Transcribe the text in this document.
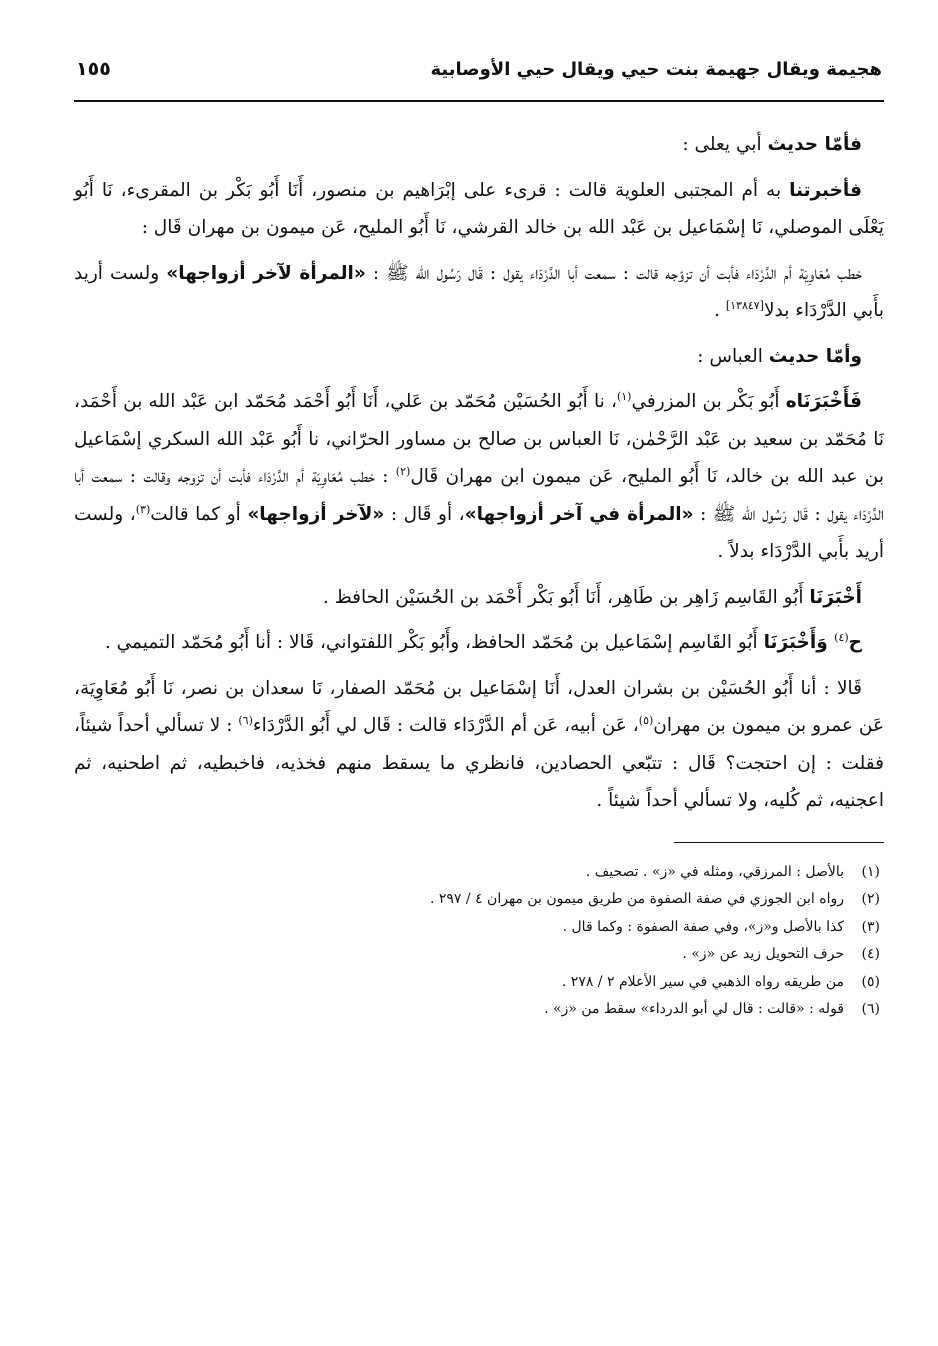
هجيمة ويقال جهيمة بنت حيي ويقال حيي الأوصابية
١٥٥

فأمّا حديث أبي يعلى :

فأخبرتنا به أم المجتبى العلوية قالت : قرىء على إبْرَاهيم بن منصور، أَنَا أَبُو بَكْر بن المقرىء، نَا أَبُو يَعْلَى الموصلي، نَا إسْمَاعيل بن عَبْد الله بن خالد القرشي، نَا أَبُو المليح، عَن ميمون بن مهران قَال :

خطب مُعَاوِيَة أم الدَّرْدَاء فأبت أن تزوّجه قالت : سمعت أبا الدَّرْدَاء يقول : قَال رَسُول الله ﷺ : «المرأة لآخر أزواجها» ولست أريد بأَبي الدَّرْدَاء بدلا[١٣٨٤٧] .

وأمّا حديث العباس :

فَأَخْبَرَنَاه أَبُو بَكْر بن المزرفي$^{(١)}$، نا أَبُو الحُسَيْن مُحَمّد بن عَلي، أَنَا أَبُو أَحْمَد مُحَمّد ابن عَبْد الله بن أَحْمَد، نَا مُحَمّد بن سعيد بن عَبْد الرَّحْمٰن، نَا العباس بن صالح بن مساور الحرّاني، نا أَبُو عَبْد الله السكري إسْمَاعيل بن عبد الله بن خالد، نَا أَبُو المليح، عَن ميمون ابن مهران قَال$^{(٢)}$ : خطب مُعَاوِيَة أم الدَّرْدَاء فأبت أن تزوجه وقالت : سمعت أبا الدَّرْدَاء يقول : قَال رَسُول الله ﷺ : «المرأة في آخر أزواجها»، أو قَال : «لآخر أزواجها» أو كما قالت$^{(٣)}$، ولست أريد بأَبي الدَّرْدَاء بدلاً .

أَخْبَرَنَا أَبُو القَاسِم زَاهِر بن طَاهِر، أَنَا أَبُو بَكْر أَحْمَد بن الحُسَيْن الحافظ .

ح$^{(٤)}$ وَأَخْبَرَنَا أَبُو القَاسِم إسْمَاعيل بن مُحَمّد الحافظ، وأَبُو بَكْر اللفتواني، قَالا : أنا أَبُو مُحَمّد التميمي .

قَالا : أنا أَبُو الحُسَيْن بن بشران العدل، أَنَا إسْمَاعيل بن مُحَمّد الصفار، نَا سعدان بن نصر، نَا أَبُو مُعَاوِيَة، عَن عمرو بن ميمون بن مهران$^{(٥)}$، عَن أبيه، عَن أم الدَّرْدَاء قالت : قَال لي أَبُو الدَّرْدَاء$^{(٦)}$ : لا تسألي أحداً شيئاً، فقلت : إن احتجت؟ قَال : تتبّعي الحصادين، فانظري ما يسقط منهم فخذيه، فاخبطيه، ثم اطحنيه، ثم اعجنيه، ثم كُليه، ولا تسألي أحداً شيئاً .

(١)
بالأصل : المرزقي، ومثله في «ز» . تصحيف .
(٢)
رواه ابن الجوزي في صفة الصفوة من طريق ميمون بن مهران ٤ / ٢٩٧ .
(٣)
كذا بالأصل و«ز»، وفي صفة الصفوة : وكما قال .
(٤)
حرف التحويل زيد عن «ز» .
(٥)
من طريقه رواه الذهبي في سير الأعلام ٢ / ٢٧٨ .
(٦)
قوله : «قالت : قال لي أبو الدرداء» سقط من «ز» .
